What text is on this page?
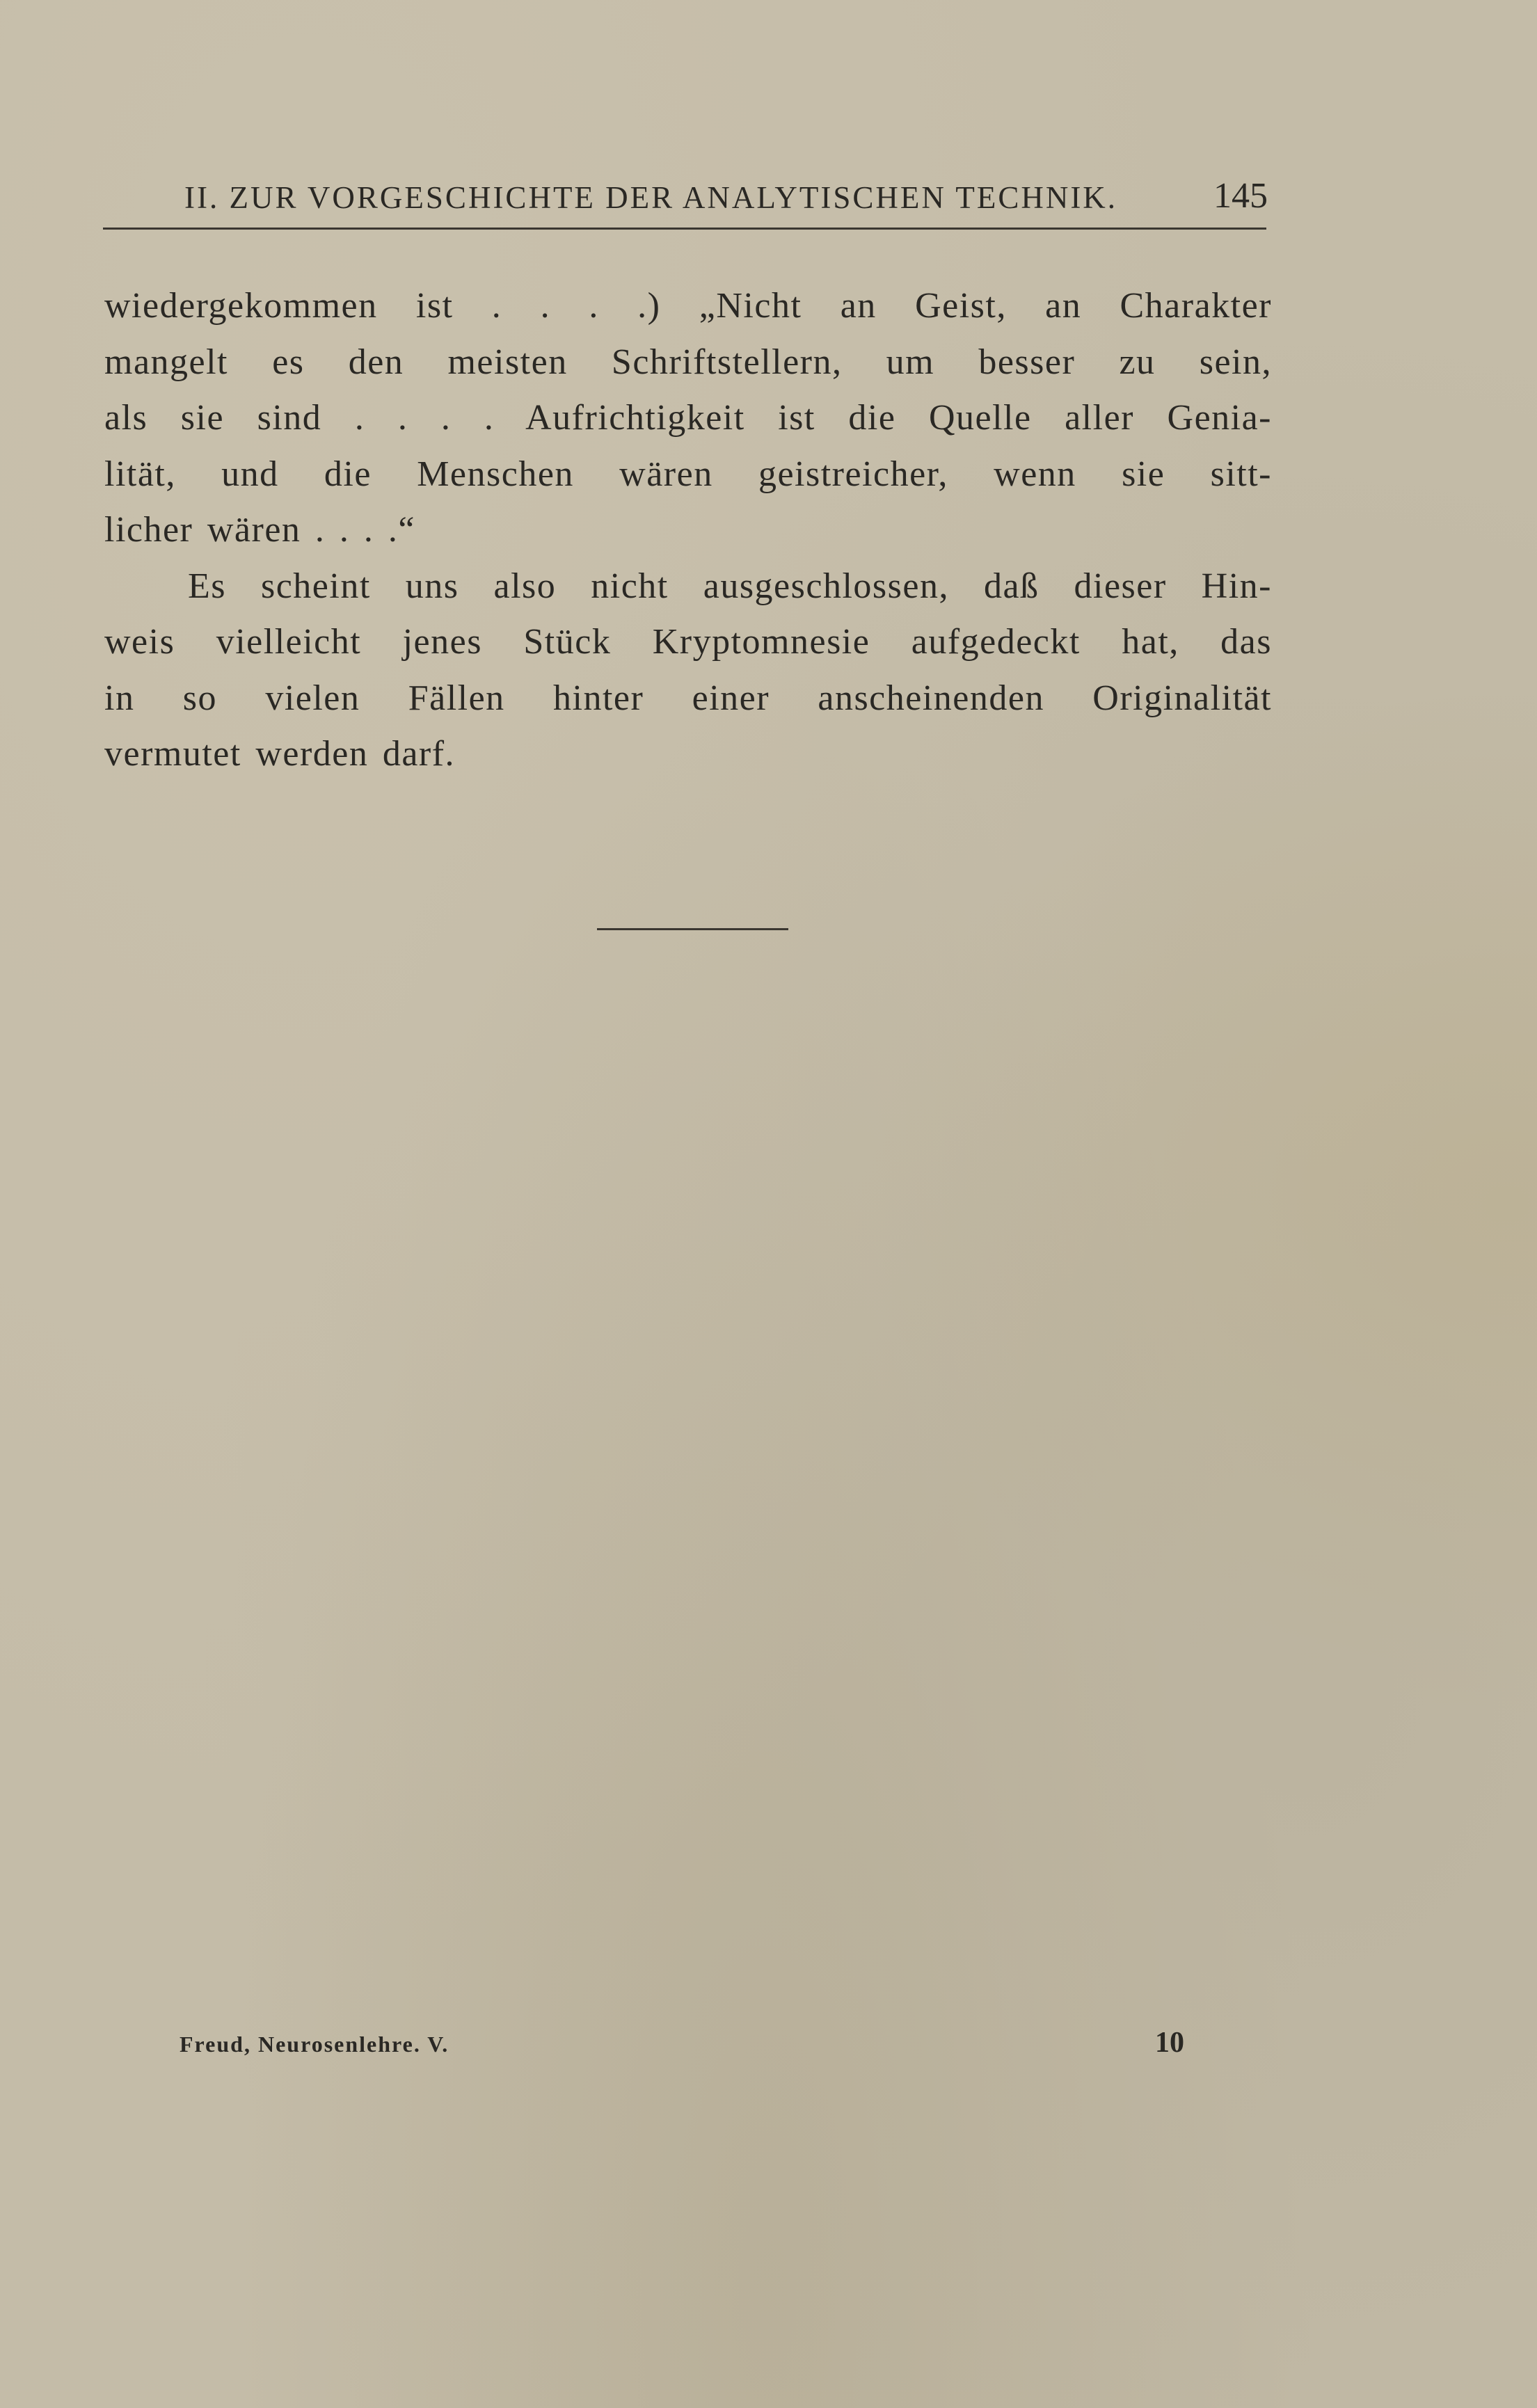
II. ZUR VORGESCHICHTE DER ANALYTISCHEN TECHNIK.	145
wiedergekommen ist . . . .) „Nicht an Geist, an Charakter
mangelt es den meisten Schriftstellern, um besser zu sein,
als sie sind . . . . Aufrichtigkeit ist die Quelle aller Genia-
lität, und die Menschen wären geistreicher, wenn sie sitt-
licher wären . . . .“
Es scheint uns also nicht ausgeschlossen, daß dieser Hin-
weis vielleicht jenes Stück Kryptomnesie aufgedeckt hat, das
in so vielen Fällen hinter einer anscheinenden Originalität
vermutet werden darf.
Freud, Neurosenlehre. V.	10
